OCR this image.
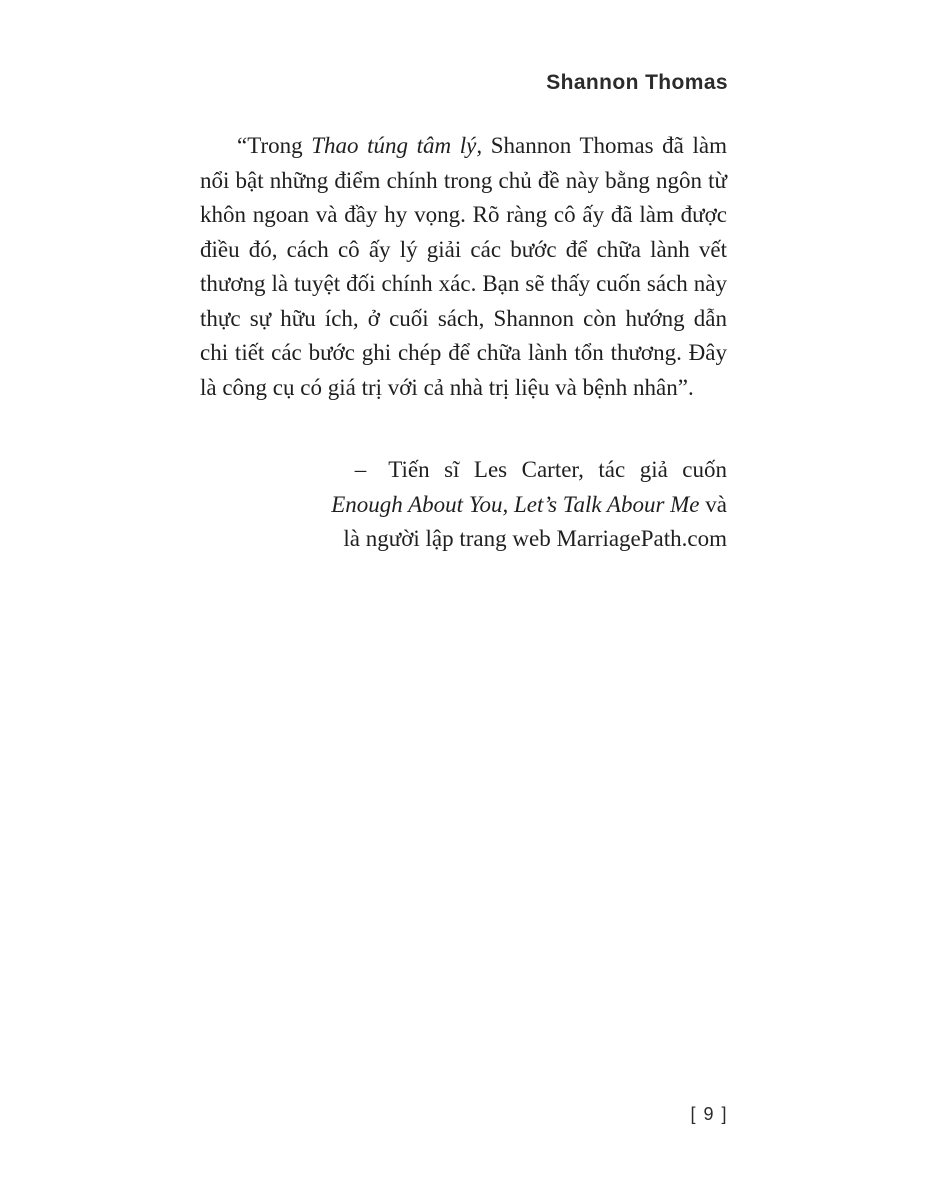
Shannon Thomas
“Trong Thao túng tâm lý, Shannon Thomas đã làm nổi bật những điểm chính trong chủ đề này bằng ngôn từ khôn ngoan và đầy hy vọng. Rõ ràng cô ấy đã làm được điều đó, cách cô ấy lý giải các bước để chữa lành vết thương là tuyệt đối chính xác. Bạn sẽ thấy cuốn sách này thực sự hữu ích, ở cuối sách, Shannon còn hướng dẫn chi tiết các bước ghi chép để chữa lành tổn thương. Đây là công cụ có giá trị với cả nhà trị liệu và bệnh nhân”.
– Tiến sĩ Les Carter, tác giả cuốn
Enough About You, Let’s Talk Abour Me và
là người lập trang web MarriagePath.com
[ 9 ]
